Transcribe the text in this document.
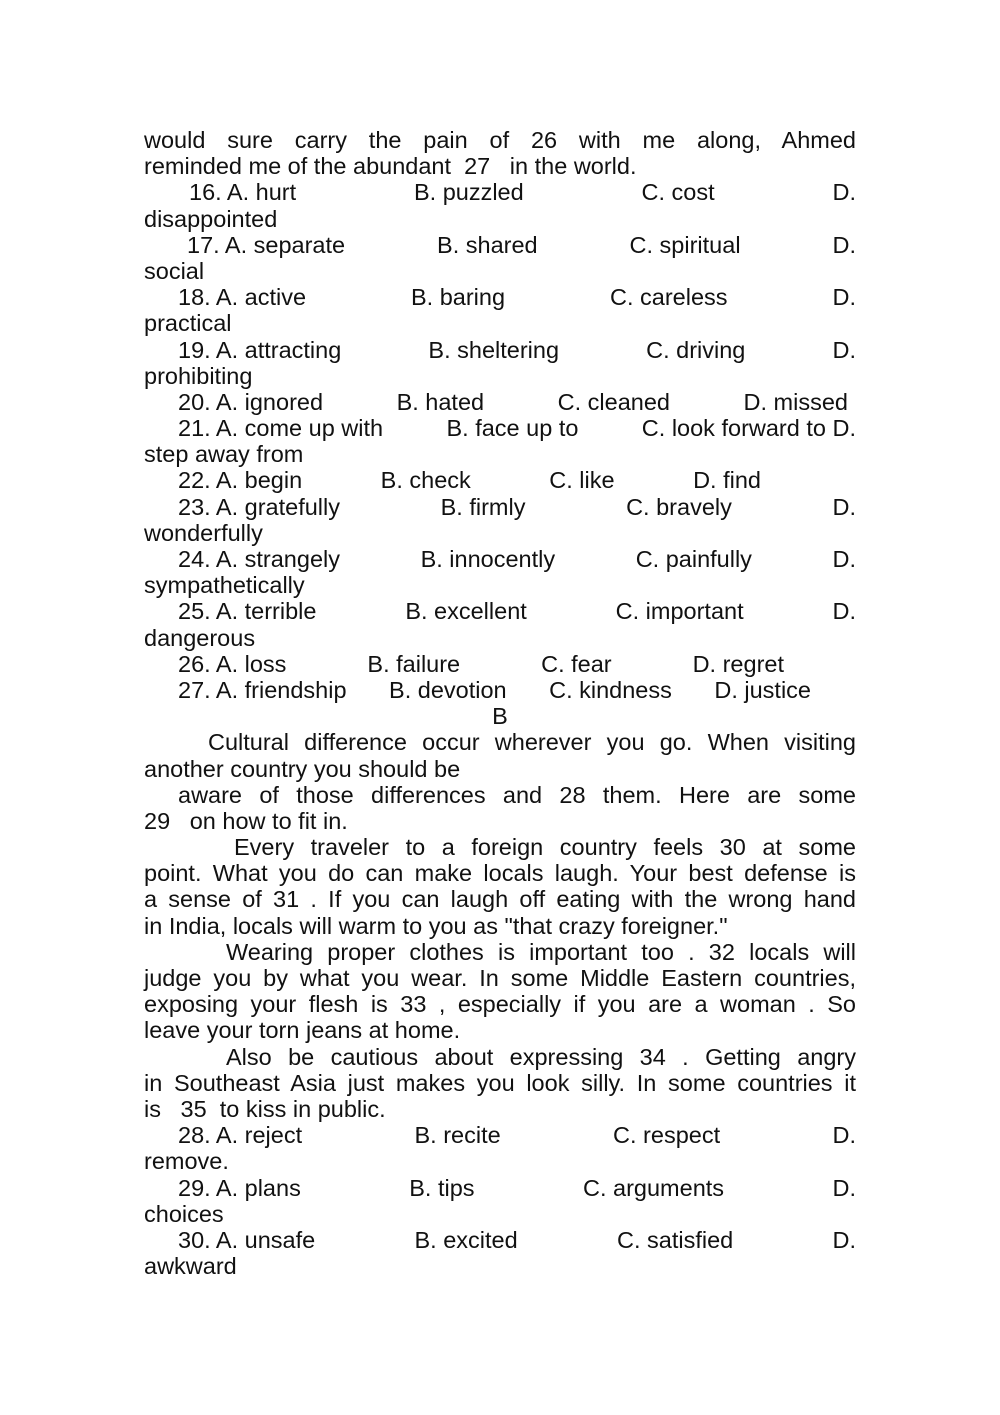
would sure carry the pain of 26 with me along, Ahmed
reminded me of the abundant  27   in the world.
16. A. hurt	B. puzzled	C. cost	D.
disappointed
17. A. separate	B. shared	C. spiritual	D.
social
18. A. active	B. baring	C. careless	D.
practical
19. A. attracting	B. sheltering	C. driving	D.
prohibiting
20. A. ignored	B. hated	C. cleaned	D. missed
21. A. come up with	B. face up to	C. look forward to D.
step away from
22. A. begin	B. check	C. like	D. find
23. A. gratefully	B. firmly	C. bravely	D.
wonderfully
24. A. strangely	B. innocently	C. painfully	D.
sympathetically
25. A. terrible	B. excellent	C. important	D.
dangerous
26. A. loss	B. failure	C. fear	D. regret
27. A. friendship B. devotion C. kindness D. justice
B
Cultural difference occur wherever you go. When visiting
another country you should be
aware of those differences and 28 them. Here are some
29   on how to fit in.
Every traveler to a foreign country feels 30 at some
point. What you do can make locals laugh. Your best defense is
a sense of 31 . If you can laugh off eating with the wrong hand
in India, locals will warm to you as "that crazy foreigner."
Wearing proper clothes is important too . 32 locals will
judge you by what you wear. In some Middle Eastern countries,
exposing your flesh is 33 , especially if you are a woman . So
leave your torn jeans at home.
Also be cautious about expressing 34 . Getting angry
in Southeast Asia just makes you look silly. In some countries it
is   35  to kiss in public.
28. A. reject	B. recite	C. respect	D.
remove.
29. A. plans	B. tips	C. arguments	D.
choices
30. A. unsafe	B. excited	C. satisfied	D.
awkward
